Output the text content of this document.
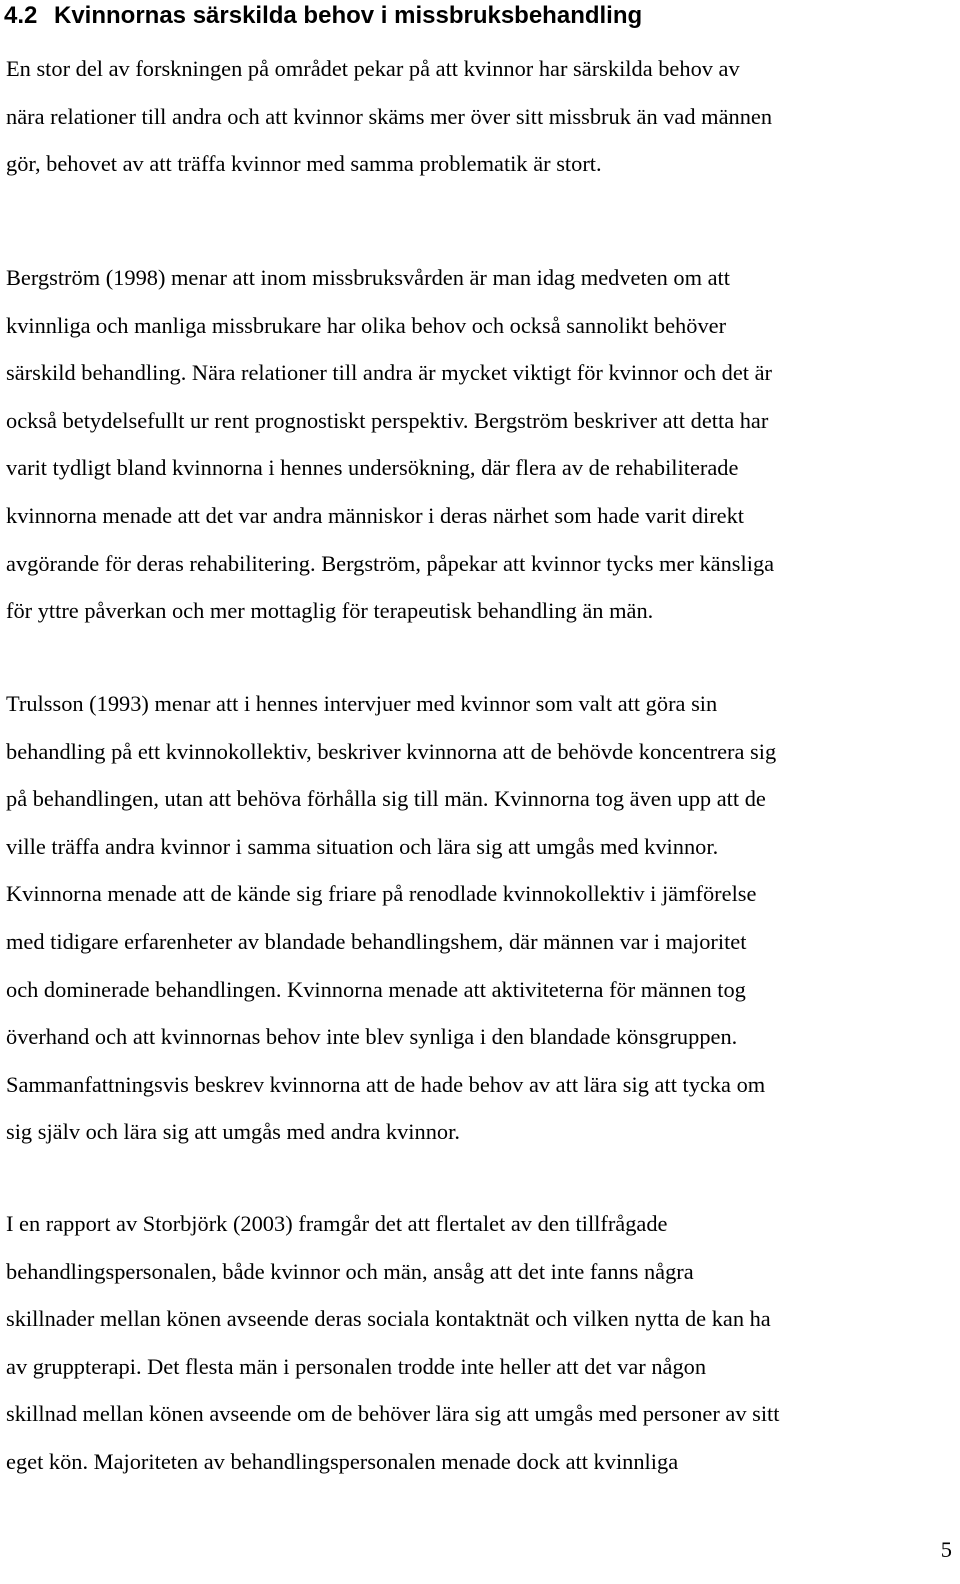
4.2 Kvinnornas särskilda behov i missbruksbehandling
En stor del av forskningen på området pekar på att kvinnor har särskilda behov av
nära relationer till andra och att kvinnor skäms mer över sitt missbruk än vad männen
gör, behovet av att träffa kvinnor med samma problematik är stort.
Bergström (1998) menar att inom missbruksvården är man idag medveten om att
kvinnliga och manliga missbrukare har olika behov och också sannolikt behöver
särskild behandling. Nära relationer till andra är mycket viktigt för kvinnor och det är
också betydelsefullt ur rent prognostiskt perspektiv. Bergström beskriver att detta har
varit tydligt bland kvinnorna i hennes undersökning, där flera av de rehabiliterade
kvinnorna menade att det var andra människor i deras närhet som hade varit direkt
avgörande för deras rehabilitering. Bergström, påpekar att kvinnor tycks mer känsliga
för yttre påverkan och mer mottaglig för terapeutisk behandling än män.
Trulsson (1993) menar att i hennes intervjuer med kvinnor som valt att göra sin
behandling på ett kvinnokollektiv, beskriver kvinnorna att de behövde koncentrera sig
på behandlingen, utan att behöva förhålla sig till män. Kvinnorna tog även upp att de
ville träffa andra kvinnor i samma situation och lära sig att umgås med kvinnor.
Kvinnorna menade att de kände sig friare på renodlade kvinnokollektiv i jämförelse
med tidigare erfarenheter av blandade behandlingshem, där männen var i majoritet
och dominerade behandlingen. Kvinnorna menade att aktiviteterna för männen tog
överhand och att kvinnornas behov inte blev synliga i den blandade könsgruppen.
Sammanfattningsvis beskrev kvinnorna att de hade behov av att lära sig att tycka om
sig själv och lära sig att umgås med andra kvinnor.
I en rapport av Storbjörk (2003) framgår det att flertalet av den tillfrågade
behandlingspersonalen, både kvinnor och män, ansåg att det inte fanns några
skillnader mellan könen avseende deras sociala kontaktnät och vilken nytta de kan ha
av gruppterapi. Det flesta män i personalen trodde inte heller att det var någon
skillnad mellan könen avseende om de behöver lära sig att umgås med personer av sitt
eget kön. Majoriteten av behandlingspersonalen menade dock att kvinnliga
5
